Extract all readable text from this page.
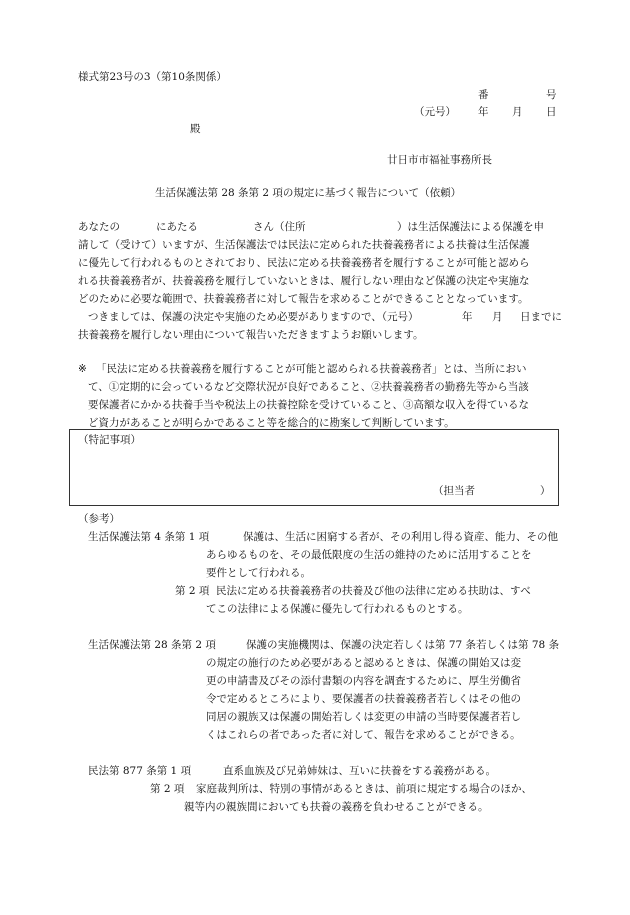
様式第23号の3（第10条関係）
番	号
（元号） 年 月 日
殿
廿日市市福祉事務所長
生活保護法第 28 条第 2 項の規定に基づく報告について（依頼）
あなたの	にあたる	さん（住所	）は生活保護法による保護を申
請して（受けて）いますが、生活保護法では民法に定められた扶養義務者による扶養は生活保護
に優先して行われるものとされており、民法に定める扶養義務者を履行することが可能と認めら
れる扶養義務者が、扶養義務を履行していないときは、履行しない理由など保護の決定や実施な
どのために必要な範囲で、扶養義務者に対して報告を求めることができることとなっています。
つきましては、保護の決定や実施のため必要がありますので、（元号）	年 月 日までに
扶養義務を履行しない理由について報告いただきますようお願いします。
※ 「民法に定める扶養義務を履行することが可能と認められる扶養義務者」とは、当所におい
て、①定期的に会っているなど交際状況が良好であること、②扶養義務者の勤務先等から当該
要保護者にかかる扶養手当や税法上の扶養控除を受けていること、③高額な収入を得ているな
ど資力があることが明らかであること等を総合的に勘案して判断しています。
（特記事項）
（担当者	）
（参考）
生活保護法第 4 条第 1 項	保護は、生活に困窮する者が、その利用し得る資産、能力、その他
あらゆるものを、その最低限度の生活の維持のために活用することを
要件として行われる。
第 2 項 民法に定める扶養義務者の扶養及び他の法律に定める扶助は、すべ
てこの法律による保護に優先して行われるものとする。
生活保護法第 28 条第 2 項	保護の実施機関は、保護の決定若しくは第 77 条若しくは第 78 条
の規定の施行のため必要があると認めるときは、保護の開始又は変
更の申請書及びその添付書類の内容を調査するために、厚生労働省
令で定めるところにより、要保護者の扶養義務者若しくはその他の
同居の親族又は保護の開始若しくは変更の申請の当時要保護者若し
くはこれらの者であった者に対して、報告を求めることができる。
民法第 877 条第 1 項	直系血族及び兄弟姉妹は、互いに扶養をする義務がある。
第 2 項 家庭裁判所は、特別の事情があるときは、前項に規定する場合のほか、
親等内の親族間においても扶養の義務を負わせることができる。
